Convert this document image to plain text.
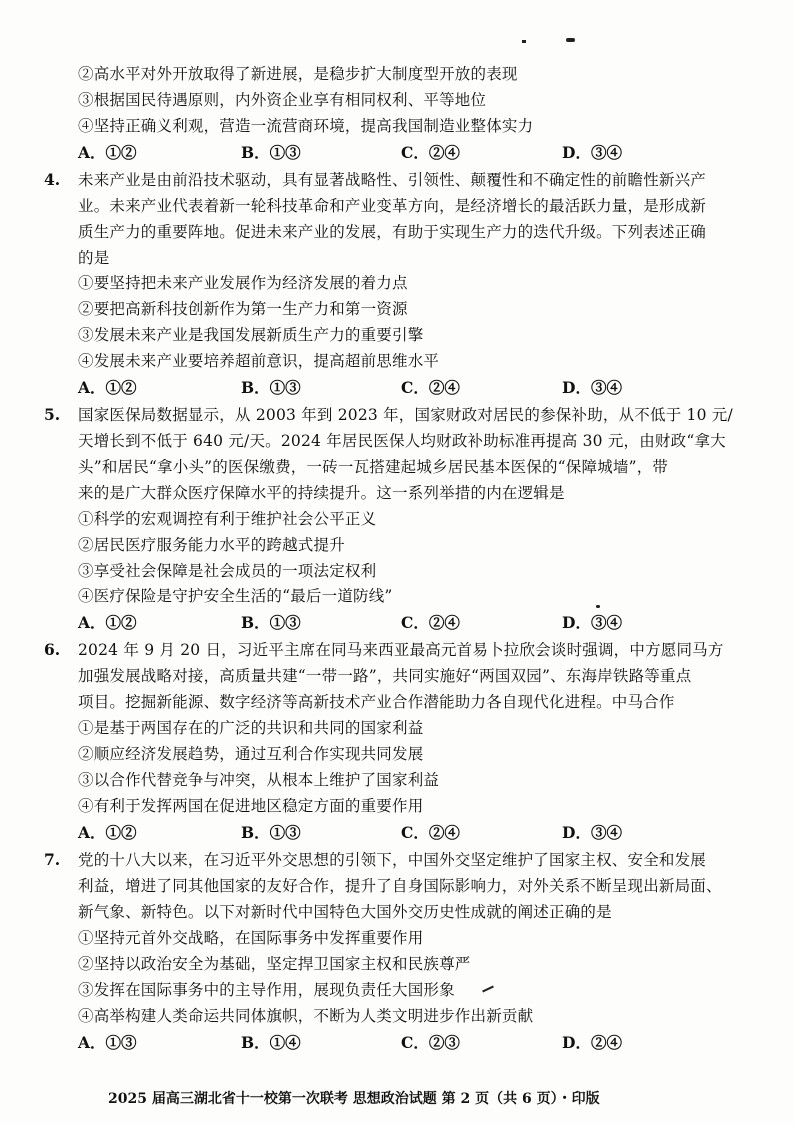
②高水平对外开放取得了新进展，是稳步扩大制度型开放的表现
③根据国民待遇原则，内外资企业享有相同权利、平等地位
④坚持正确义利观，营造一流营商环境，提高我国制造业整体实力
A．①②	B．①③	C．②④	D．③④
4. 未来产业是由前沿技术驱动，具有显著战略性、引领性、颠覆性和不确定性的前瞻性新兴产
业。未来产业代表着新一轮科技革命和产业变革方向，是经济增长的最活跃力量，是形成新
质生产力的重要阵地。促进未来产业的发展，有助于实现生产力的迭代升级。下列表述正确
的是
①要坚持把未来产业发展作为经济发展的着力点
②要把高新科技创新作为第一生产力和第一资源
③发展未来产业是我国发展新质生产力的重要引擎
④发展未来产业要培养超前意识，提高超前思维水平
A．①②	B．①③	C．②④	D．③④
5. 国家医保局数据显示，从 2003 年到 2023 年，国家财政对居民的参保补助，从不低于 10 元/
天增长到不低于 640 元/天。2024 年居民医保人均财政补助标准再提高 30 元，由财政“拿大
头”和居民“拿小头”的医保缴费，一砖一瓦搭建起城乡居民基本医保的“保障城墙”，带
来的是广大群众医疗保障水平的持续提升。这一系列举措的内在逻辑是
①科学的宏观调控有利于维护社会公平正义
②居民医疗服务能力水平的跨越式提升
③享受社会保障是社会成员的一项法定权利
④医疗保险是守护安全生活的“最后一道防线”
A．①②	B．①③	C．②④	D．③④
6. 2024 年 9 月 20 日，习近平主席在同马来西亚最高元首易卜拉欣会谈时强调，中方愿同马方
加强发展战略对接，高质量共建“一带一路”，共同实施好“两国双园”、东海岸铁路等重点
项目。挖掘新能源、数字经济等高新技术产业合作潜能助力各自现代化进程。中马合作
①是基于两国存在的广泛的共识和共同的国家利益
②顺应经济发展趋势，通过互利合作实现共同发展
③以合作代替竞争与冲突，从根本上维护了国家利益
④有利于发挥两国在促进地区稳定方面的重要作用
A．①②	B．①③	C．②④	D．③④
7. 党的十八大以来，在习近平外交思想的引领下，中国外交坚定维护了国家主权、安全和发展
利益，增进了同其他国家的友好合作，提升了自身国际影响力，对外关系不断呈现出新局面、
新气象、新特色。以下对新时代中国特色大国外交历史性成就的阐述正确的是
①坚持元首外交战略，在国际事务中发挥重要作用
②坚持以政治安全为基础，坚定捍卫国家主权和民族尊严
③发挥在国际事务中的主导作用，展现负责任大国形象
④高举构建人类命运共同体旗帜，不断为人类文明进步作出新贡献
A．①③	B．①④	C．②③	D．②④
2025 届高三湖北省十一校第一次联考 思想政治试题 第 2 页（共 6 页）・印版
